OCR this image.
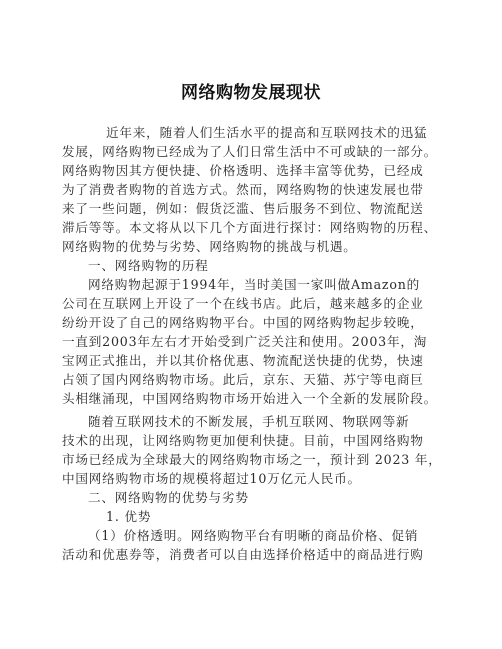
网络购物发展现状
近年来，随着人们生活水平的提高和互联网技术的迅猛
发展，网络购物已经成为了人们日常生活中不可或缺的一部分。
网络购物因其方便快捷、价格透明、选择丰富等优势，已经成
为了消费者购物的首选方式。然而，网络购物的快速发展也带
来了一些问题，例如：假货泛滥、售后服务不到位、物流配送
滞后等等。本文将从以下几个方面进行探讨：网络购物的历程、
网络购物的优势与劣势、网络购物的挑战与机遇。
一、网络购物的历程
网络购物起源于1994年，当时美国一家叫做Amazon的
公司在互联网上开设了一个在线书店。此后，越来越多的企业
纷纷开设了自己的网络购物平台。中国的网络购物起步较晚，
一直到2003年左右才开始受到广泛关注和使用。2003年，淘
宝网正式推出，并以其价格优惠、物流配送快捷的优势，快速
占领了国内网络购物市场。此后，京东、天猫、苏宁等电商巨
头相继涌现，中国网络购物市场开始进入一个全新的发展阶段。
随着互联网技术的不断发展，手机互联网、物联网等新
技术的出现，让网络购物更加便利快捷。目前，中国网络购物
市场已经成为全球最大的网络购物市场之一，预计到 2023 年，
中国网络购物市场的规模将超过10万亿元人民币。
二、网络购物的优势与劣势
1. 优势
（1）价格透明。网络购物平台有明晰的商品价格、促销
活动和优惠券等，消费者可以自由选择价格适中的商品进行购
